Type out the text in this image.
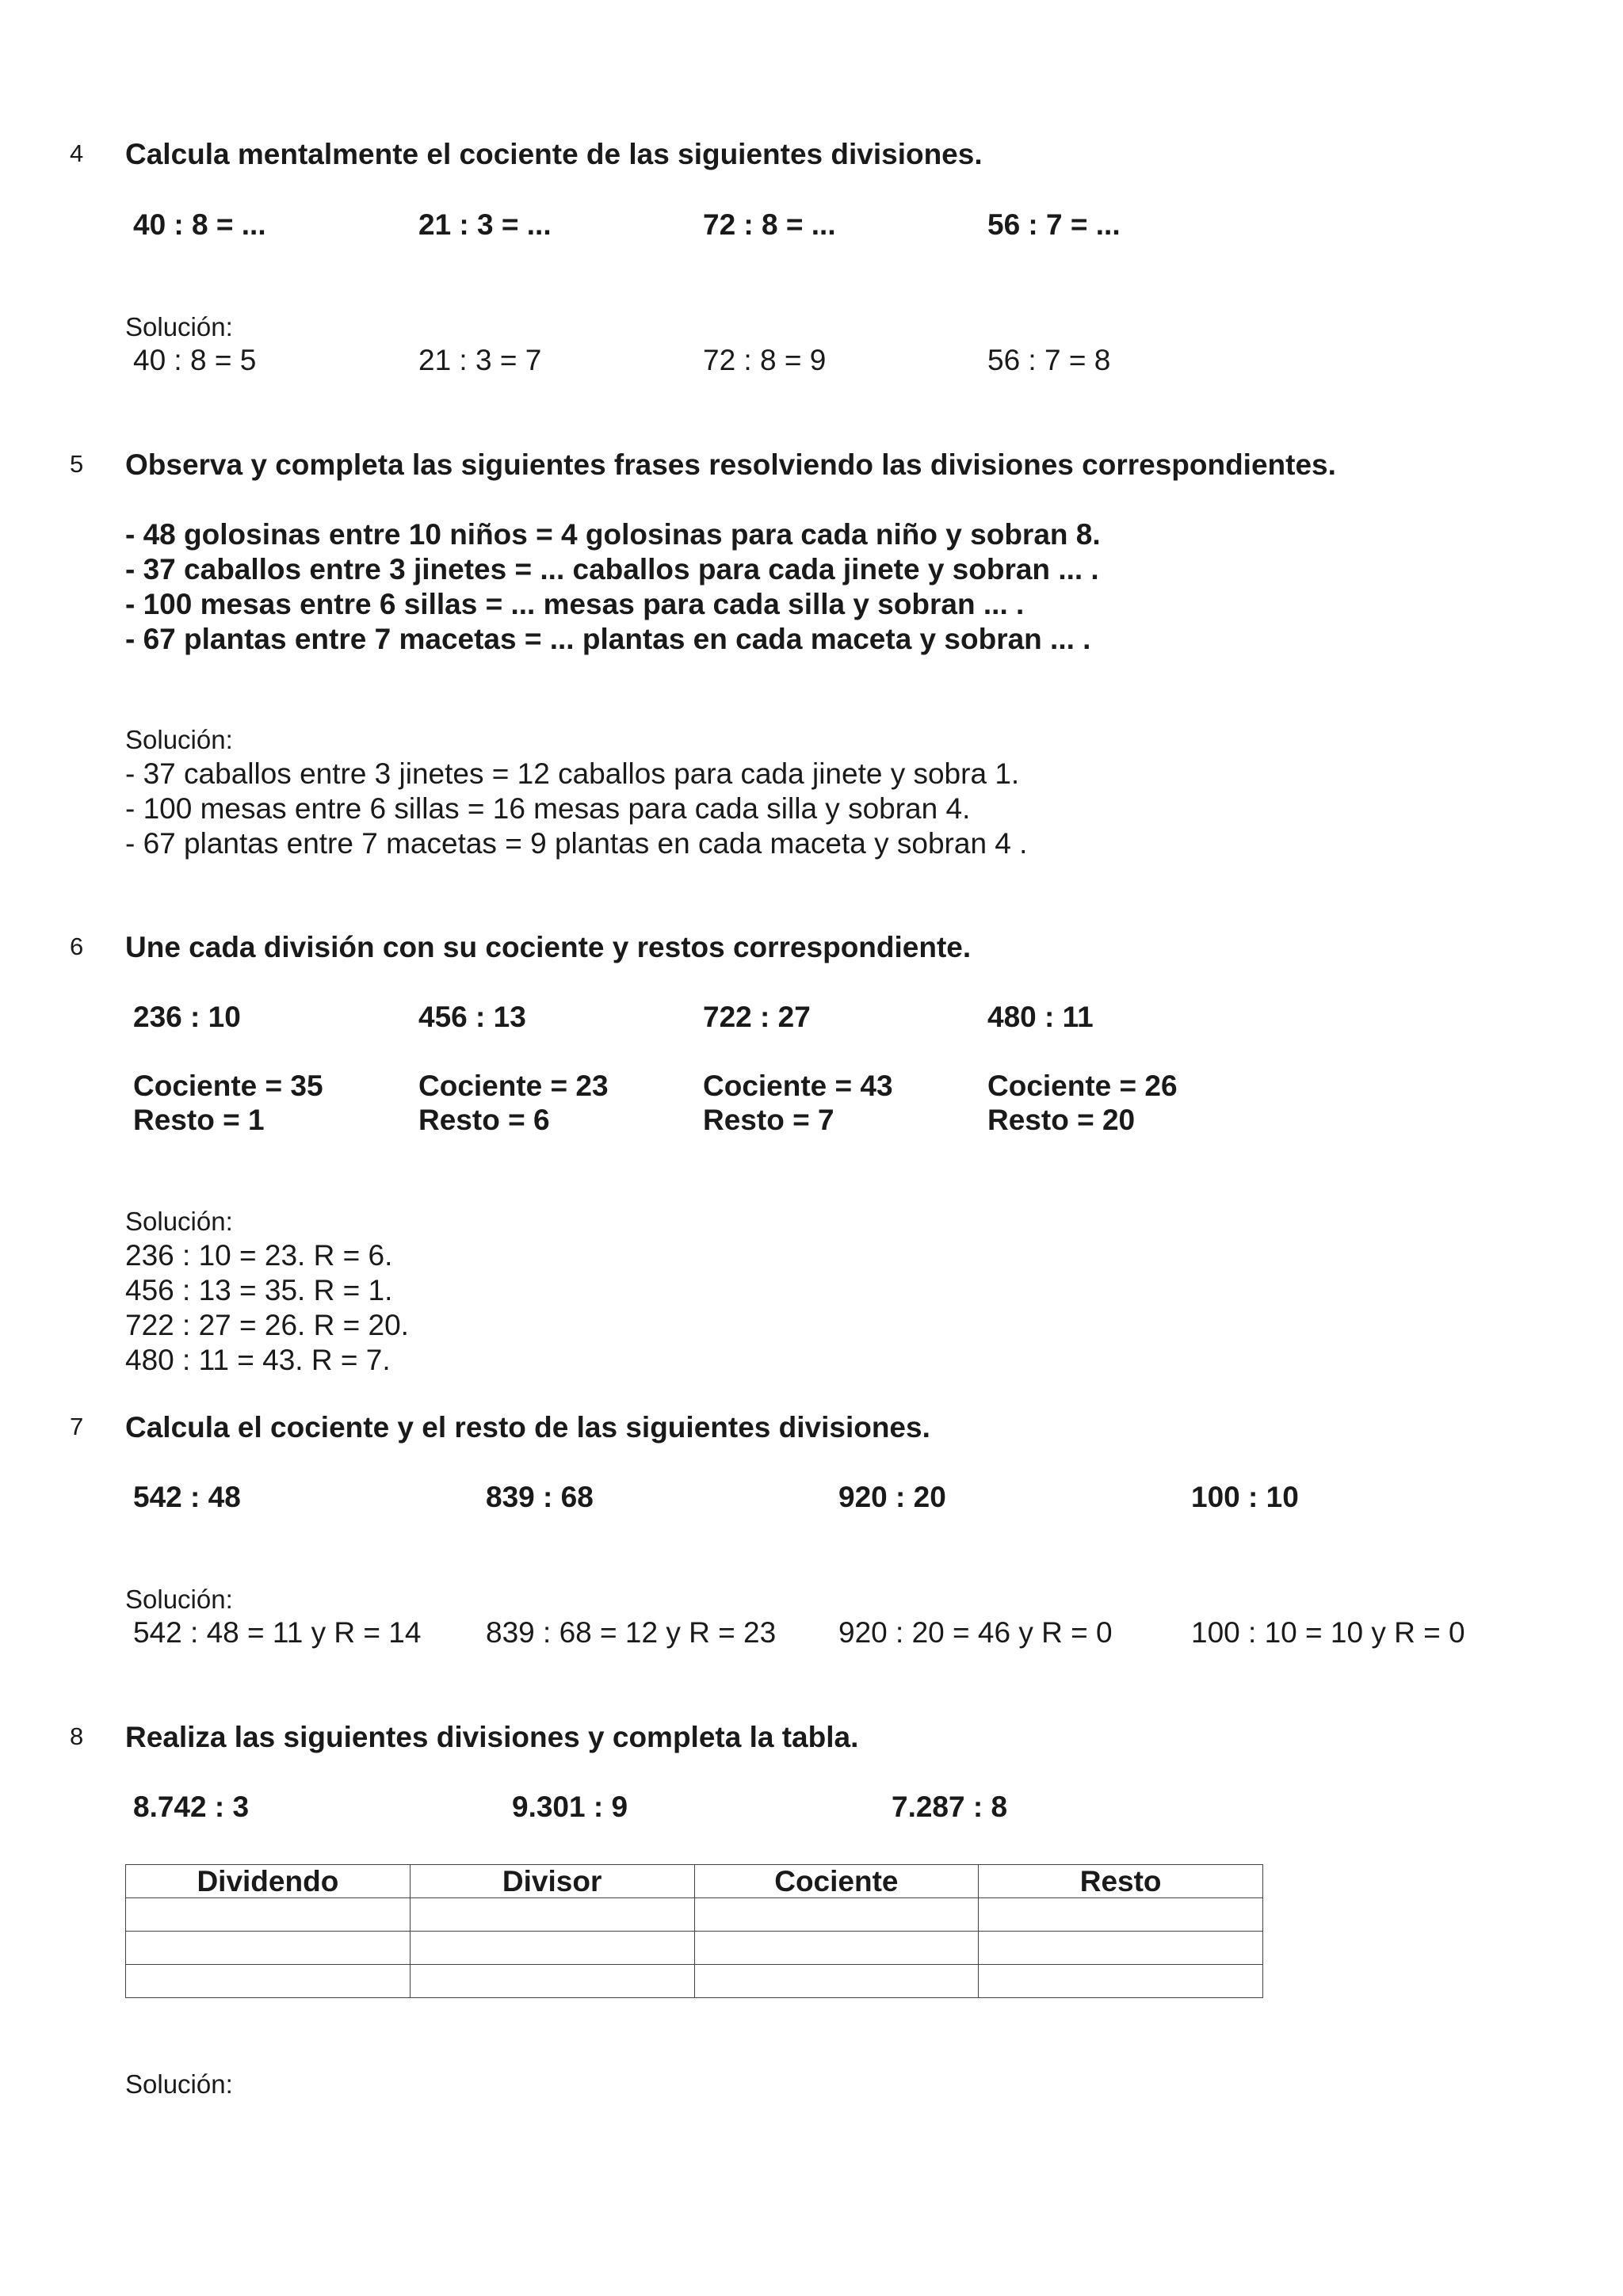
4 Calcula mentalmente el cociente de las siguientes divisiones.
40 : 8 = ...	21 : 3 = ...	72 : 8 = ...	56 : 7 = ...
Solución:
40 : 8 = 5	21 : 3 = 7	72 : 8 = 9	56 : 7 = 8
5 Observa y completa las siguientes frases resolviendo las divisiones correspondientes.
- 48 golosinas entre 10 niños = 4 golosinas para cada niño y sobran 8.
- 37 caballos entre 3 jinetes = ... caballos para cada jinete y sobran ... .
- 100 mesas entre 6 sillas = ... mesas para cada silla y sobran ... .
- 67 plantas entre 7 macetas = ... plantas en cada maceta y sobran ... .
Solución:
- 37 caballos entre 3 jinetes = 12 caballos para cada jinete y sobra 1.
- 100 mesas entre 6 sillas = 16 mesas para cada silla y sobran 4.
- 67 plantas entre 7 macetas = 9 plantas en cada maceta y sobran 4 .
6 Une cada división con su cociente y restos correspondiente.
236 : 10	456 : 13	722 : 27	480 : 11
Cociente = 35	Cociente = 23	Cociente = 43	Cociente = 26
Resto = 1	Resto = 6	Resto = 7	Resto = 20
Solución:
236 : 10 = 23. R = 6.
456 : 13 = 35. R = 1.
722 : 27 = 26. R = 20.
480 : 11 = 43. R = 7.
7 Calcula el cociente y el resto de las siguientes divisiones.
542 : 48	839 : 68	920 : 20	100 : 10
Solución:
542 : 48 = 11 y R = 14 839 : 68 = 12 y R = 23 920 : 20 = 46 y R = 0	100 : 10 = 10 y R = 0
8 Realiza las siguientes divisiones y completa la tabla.
8.742 : 3	9.301 : 9	7.287 : 8
Dividendo	Divisor	Cociente	Resto

Solución:
